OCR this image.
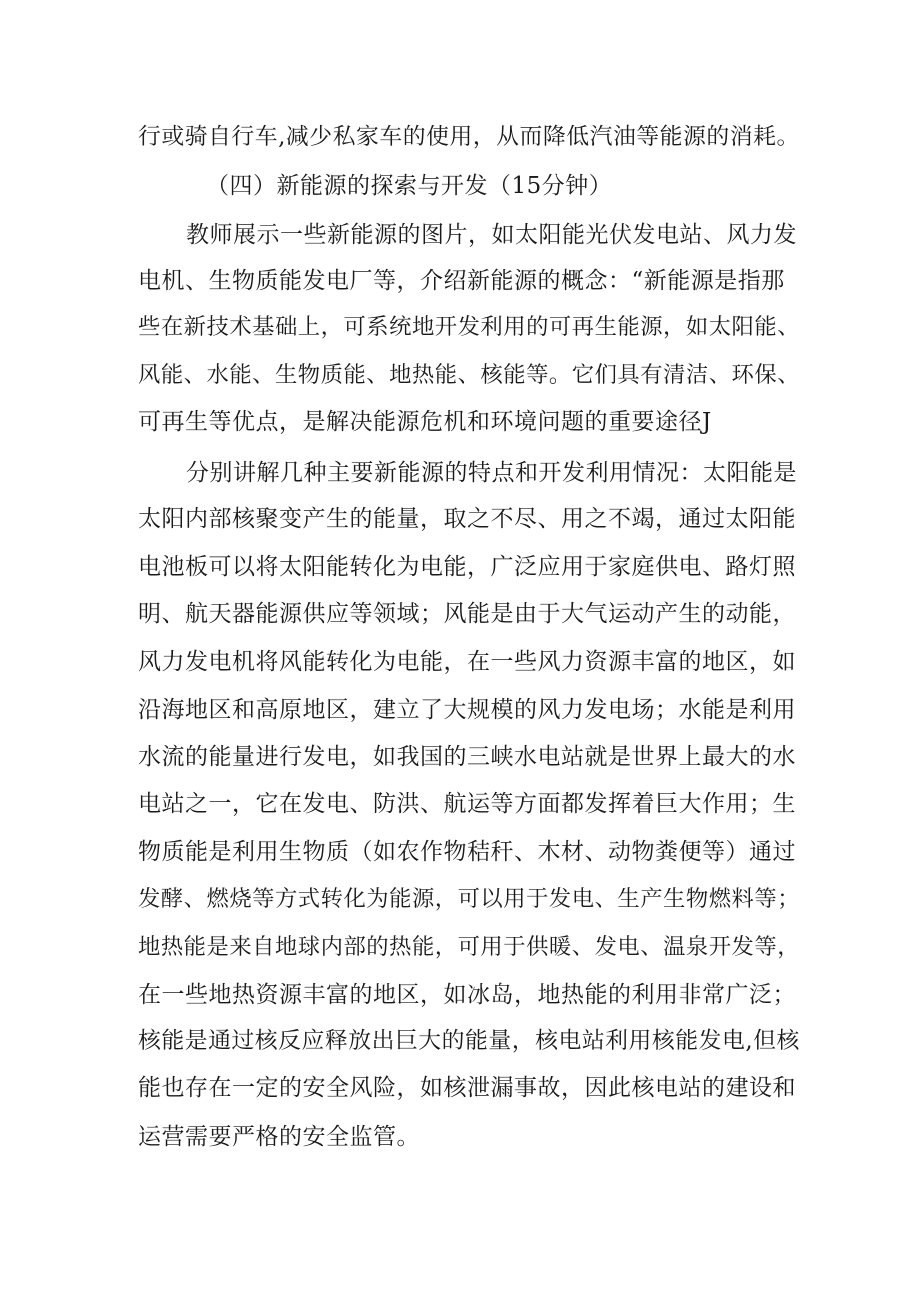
行或骑自行车,减少私家车的使用，从而降低汽油等能源的消耗。
（四）新能源的探索与开发（15分钟）
教师展示一些新能源的图片，如太阳能光伏发电站、风力发
电机、生物质能发电厂等，介绍新能源的概念：“新能源是指那
些在新技术基础上，可系统地开发利用的可再生能源，如太阳能、
风能、水能、生物质能、地热能、核能等。它们具有清洁、环保、
可再生等优点，是解决能源危机和环境问题的重要途径J
分别讲解几种主要新能源的特点和开发利用情况：太阳能是
太阳内部核聚变产生的能量，取之不尽、用之不竭，通过太阳能
电池板可以将太阳能转化为电能，广泛应用于家庭供电、路灯照
明、航天器能源供应等领域；风能是由于大气运动产生的动能，
风力发电机将风能转化为电能，在一些风力资源丰富的地区，如
沿海地区和高原地区，建立了大规模的风力发电场；水能是利用
水流的能量进行发电，如我国的三峡水电站就是世界上最大的水
电站之一，它在发电、防洪、航运等方面都发挥着巨大作用；生
物质能是利用生物质（如农作物秸秆、木材、动物粪便等）通过
发酵、燃烧等方式转化为能源，可以用于发电、生产生物燃料等；
地热能是来自地球内部的热能，可用于供暖、发电、温泉开发等，
在一些地热资源丰富的地区，如冰岛，地热能的利用非常广泛；
核能是通过核反应释放出巨大的能量，核电站利用核能发电,但核
能也存在一定的安全风险，如核泄漏事故，因此核电站的建设和
运营需要严格的安全监管。
